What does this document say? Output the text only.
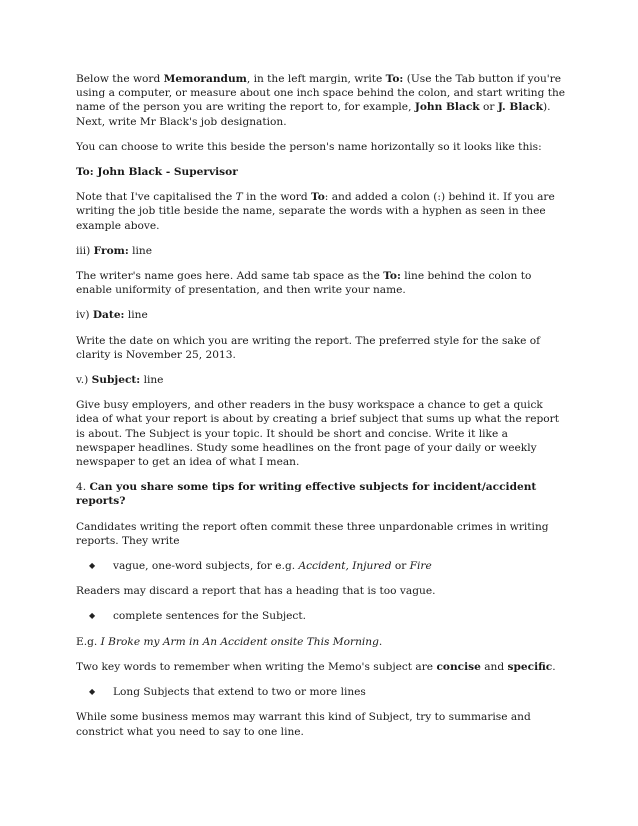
Below the word Memorandum, in the left margin, write To: (Use the Tab button if you're using a computer, or measure about one inch space behind the colon, and start writing the name of the person you are writing the report to, for example, John Black or J. Black). Next, write Mr Black's job designation.

You can choose to write this beside the person's name horizontally so it looks like this:

To: John Black - Supervisor

Note that I've capitalised the T in the word To: and added a colon (:) behind it. If you are writing the job title beside the name, separate the words with a hyphen as seen in thee example above.

iii) From: line

The writer's name goes here. Add same tab space as the To: line behind the colon to enable uniformity of presentation, and then write your name.

iv) Date: line

Write the date on which you are writing the report. The preferred style for the sake of clarity is November 25, 2013.

v.) Subject: line

Give busy employers, and other readers in the busy workspace a chance to get a quick idea of what your report is about by creating a brief subject that sums up what the report is about. The Subject is your topic. It should be short and concise. Write it like a newspaper headlines. Study some headlines on the front page of your daily or weekly newspaper to get an idea of what I mean.

4. Can you share some tips for writing effective subjects for incident/accident reports?

Candidates writing the report often commit these three unpardonable crimes in writing reports. They write

◆ vague, one-word subjects, for e.g. Accident, Injured or Fire

Readers may discard a report that has a heading that is too vague.

◆ complete sentences for the Subject.

E.g. I Broke my Arm in An Accident onsite This Morning.

Two key words to remember when writing the Memo's subject are concise and specific.

◆ Long Subjects that extend to two or more lines

While some business memos may warrant this kind of Subject, try to summarise and constrict what you need to say to one line.
